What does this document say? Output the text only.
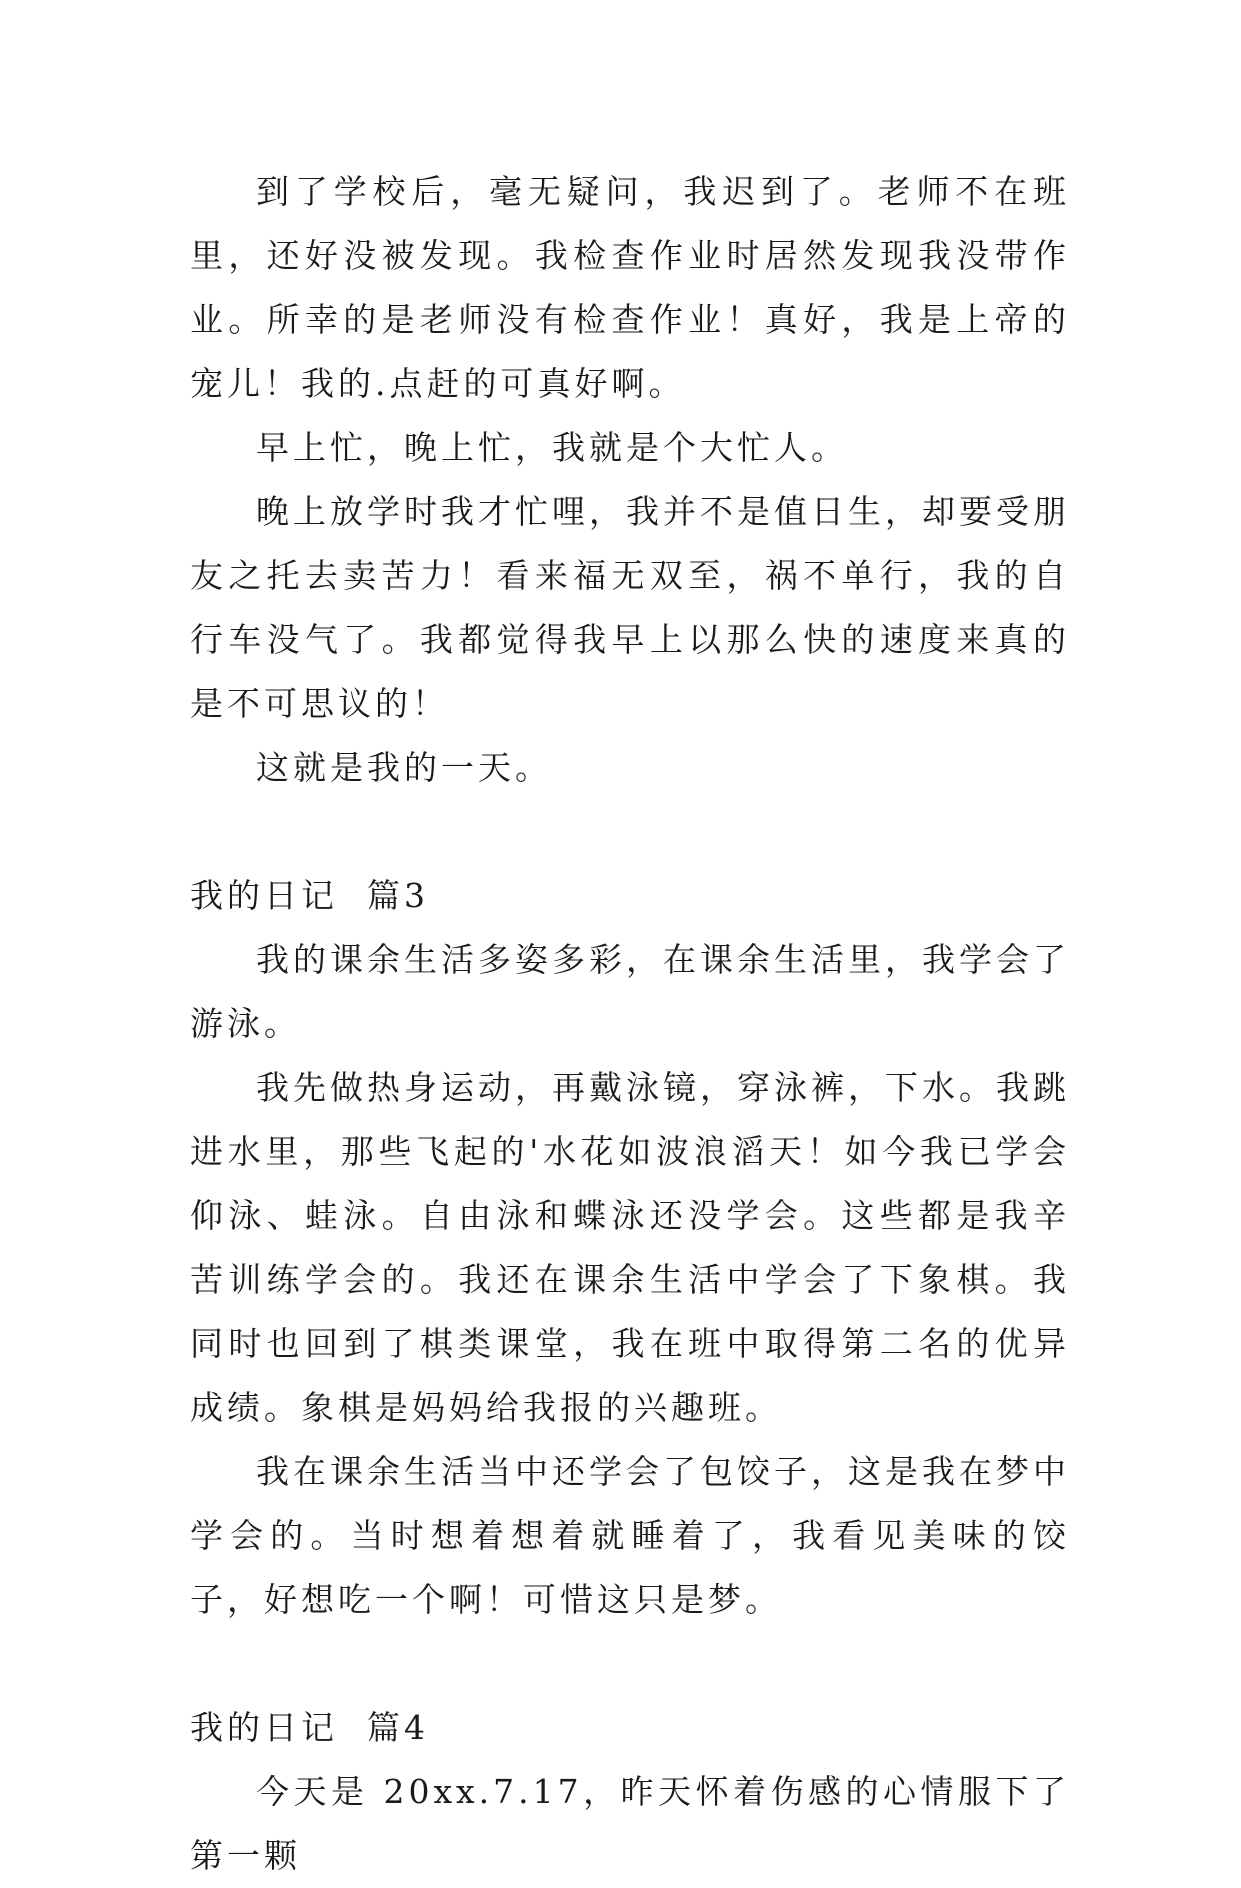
到了学校后，毫无疑问，我迟到了。老师不在班里，还好没被发现。我检查作业时居然发现我没带作业。所幸的是老师没有检查作业！真好，我是上帝的宠儿！我的.点赶的可真好啊。

早上忙，晚上忙，我就是个大忙人。

晚上放学时我才忙哩，我并不是值日生，却要受朋友之托去卖苦力！看来福无双至，祸不单行，我的自行车没气了。我都觉得我早上以那么快的速度来真的是不可思议的！

这就是我的一天。

我的日记  篇3

我的课余生活多姿多彩，在课余生活里，我学会了游泳。

我先做热身运动，再戴泳镜，穿泳裤，下水。我跳进水里，那些飞起的'水花如波浪滔天！如今我已学会仰泳、蛙泳。自由泳和蝶泳还没学会。这些都是我辛苦训练学会的。我还在课余生活中学会了下象棋。我同时也回到了棋类课堂，我在班中取得第二名的优异成绩。象棋是妈妈给我报的兴趣班。

我在课余生活当中还学会了包饺子，这是我在梦中学会的。当时想着想着就睡着了，我看见美味的饺子，好想吃一个啊！可惜这只是梦。

我的日记  篇4

今天是 20xx.7.17，昨天怀着伤感的心情服下了第一颗
